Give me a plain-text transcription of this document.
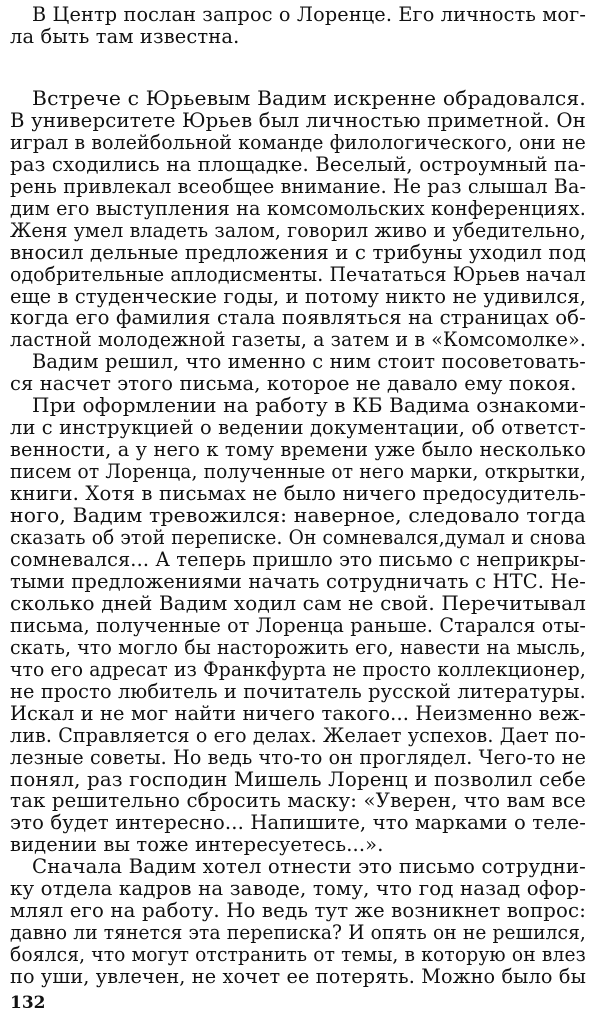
В Центр послан запрос о Лоренце. Его личность мог-
ла быть там известна.
Встрече с Юрьевым Вадим искренне обрадовался.
В университете Юрьев был личностью приметной. Он
играл в волейбольной команде филологического, они не
раз сходились на площадке. Веселый, остроумный па-
рень привлекал всеобщее внимание. Не раз слышал Ва-
дим его выступления на комсомольских конференциях.
Женя умел владеть залом, говорил живо и убедительно,
вносил дельные предложения и с трибуны уходил под
одобрительные аплодисменты. Печататься Юрьев начал
еще в студенческие годы, и потому никто не удивился,
когда его фамилия стала появляться на страницах об-
ластной молодежной газеты, а затем и в «Комсомолке».
Вадим решил, что именно с ним стоит посоветовать-
ся насчет этого письма, которое не давало ему покоя.
При оформлении на работу в КБ Вадима ознакоми-
ли с инструкцией о ведении документации, об ответст-
венности, а у него к тому времени уже было несколько
писем от Лоренца, полученные от него марки, открытки,
книги. Хотя в письмах не было ничего предосудитель-
ного, Вадим тревожился: наверное, следовало тогда
сказать об этой переписке. Он сомневался,думал и снова
сомневался... А теперь пришло это письмо с неприкры-
тыми предложениями начать сотрудничать с НТС. Не-
сколько дней Вадим ходил сам не свой. Перечитывал
письма, полученные от Лоренца раньше. Старался оты-
скать, что могло бы насторожить его, навести на мысль,
что его адресат из Франкфурта не просто коллекционер,
не просто любитель и почитатель русской литературы.
Искал и не мог найти ничего такого... Неизменно веж-
лив. Справляется о его делах. Желает успехов. Дает по-
лезные советы. Но ведь что-то он проглядел. Чего-то не
понял, раз господин Мишель Лоренц и позволил себе
так решительно сбросить маску: «Уверен, что вам все
это будет интересно... Напишите, что марками о теле-
видении вы тоже интересуетесь...».
Сначала Вадим хотел отнести это письмо сотрудни-
ку отдела кадров на заводе, тому, что год назад офор-
млял его на работу. Но ведь тут же возникнет вопрос:
давно ли тянется эта переписка? И опять он не решился,
боялся, что могут отстранить от темы, в которую он влез
по уши, увлечен, не хочет ее потерять. Можно было бы
132
